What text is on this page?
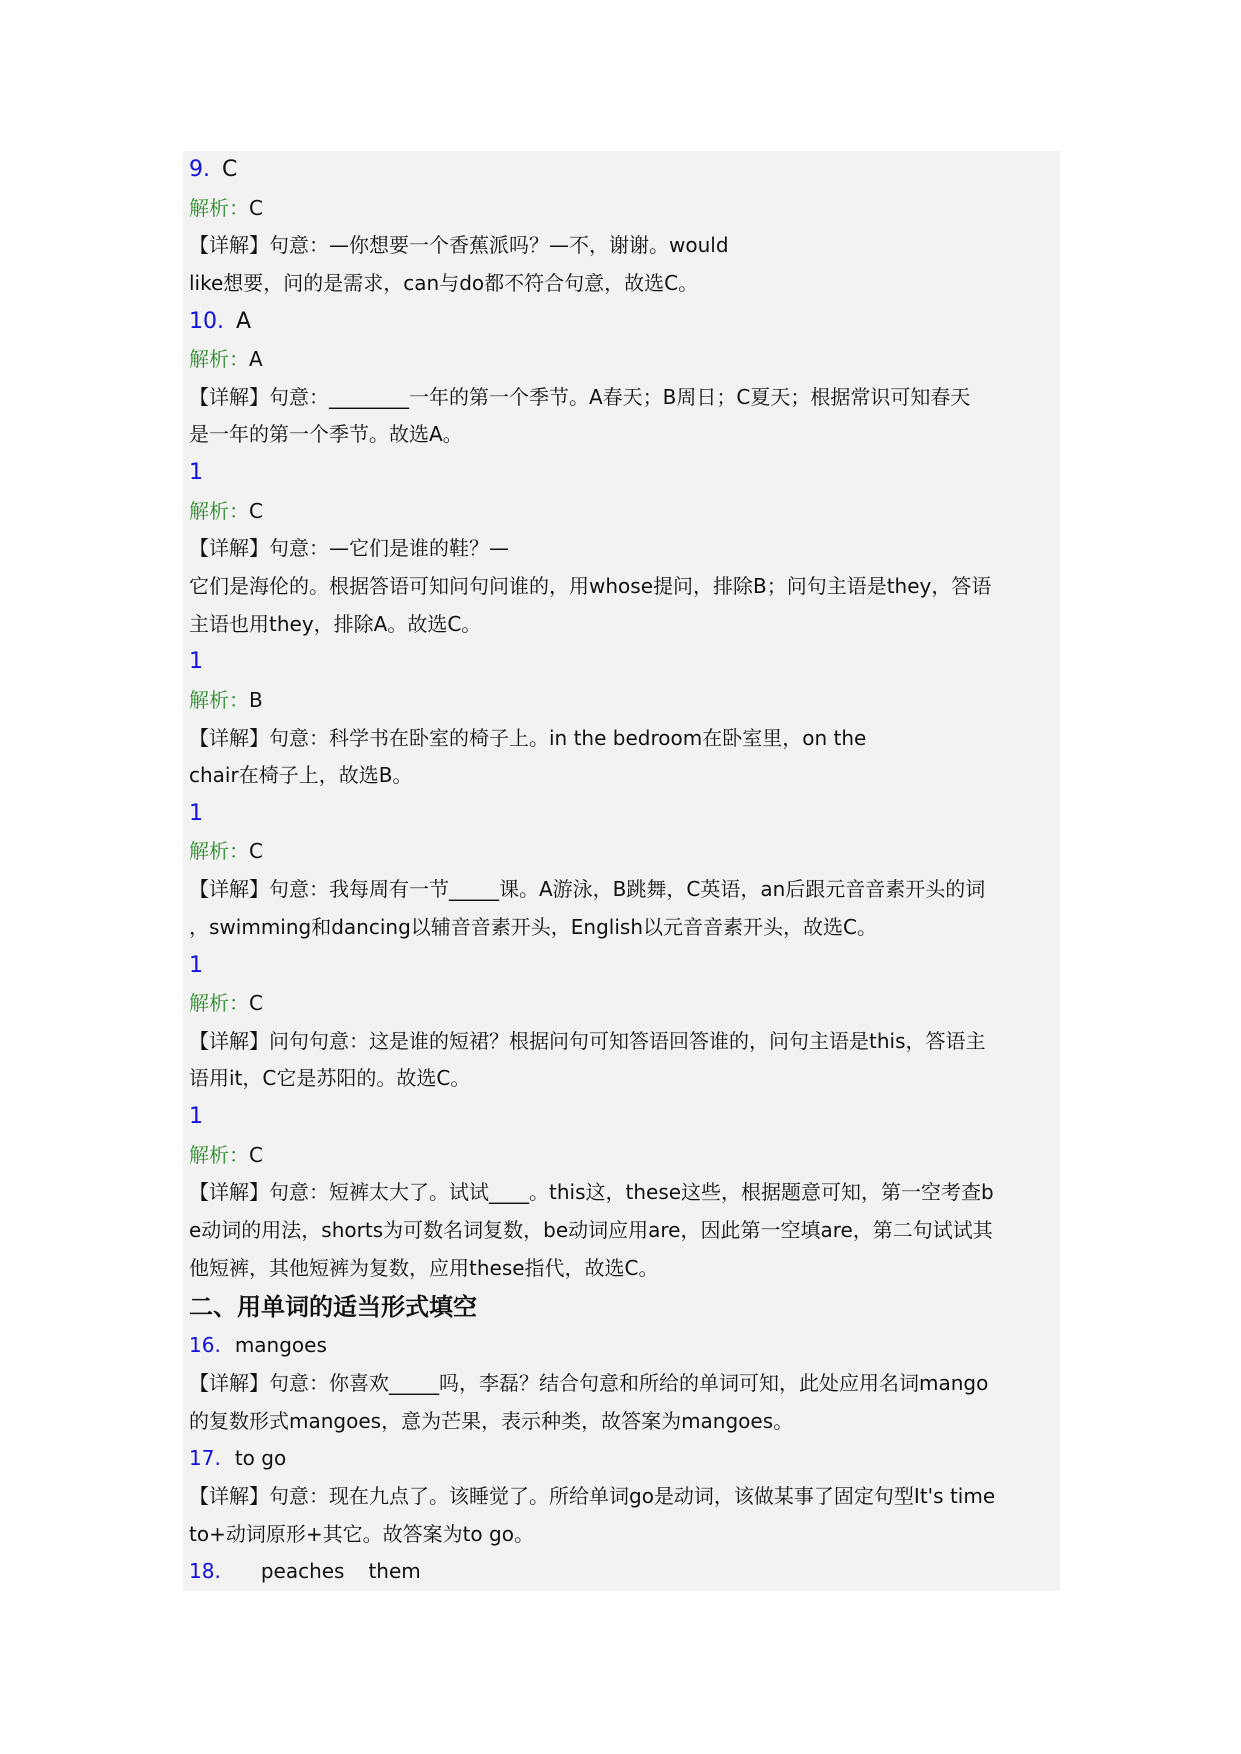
9. C
解析：C
【详解】句意：—你想要一个香蕉派吗？—不，谢谢。would
like想要，问的是需求，can与do都不符合句意，故选C。
10. A
解析：A
【详解】句意：________一年的第一个季节。A春天；B周日；C夏天；根据常识可知春天
是一年的第一个季节。故选A。
1
解析：C
【详解】句意：—它们是谁的鞋？—
它们是海伦的。根据答语可知问句问谁的，用whose提问，排除B；问句主语是they，答语
主语也用they，排除A。故选C。
1
解析：B
【详解】句意：科学书在卧室的椅子上。in the bedroom在卧室里，on the
chair在椅子上，故选B。
1
解析：C
【详解】句意：我每周有一节_____课。A游泳，B跳舞，C英语，an后跟元音音素开头的词
，swimming和dancing以辅音音素开头，English以元音音素开头，故选C。
1
解析：C
【详解】问句句意：这是谁的短裙？根据问句可知答语回答谁的，问句主语是this，答语主
语用it，C它是苏阳的。故选C。
1
解析：C
【详解】句意：短裤太大了。试试____。this这，these这些，根据题意可知，第一空考查b
e动词的用法，shorts为可数名词复数，be动词应用are，因此第一空填are，第二句试试其
他短裤，其他短裤为复数，应用these指代，故选C。
二、用单词的适当形式填空
16. mangoes
【详解】句意：你喜欢_____吗，李磊？结合句意和所给的单词可知，此处应用名词mango
的复数形式mangoes，意为芒果，表示种类，故答案为mangoes。
17. to go
【详解】句意：现在九点了。该睡觉了。所给单词go是动词，该做某事了固定句型It's time
to+动词原形+其它。故答案为to go。
18. peaches them
